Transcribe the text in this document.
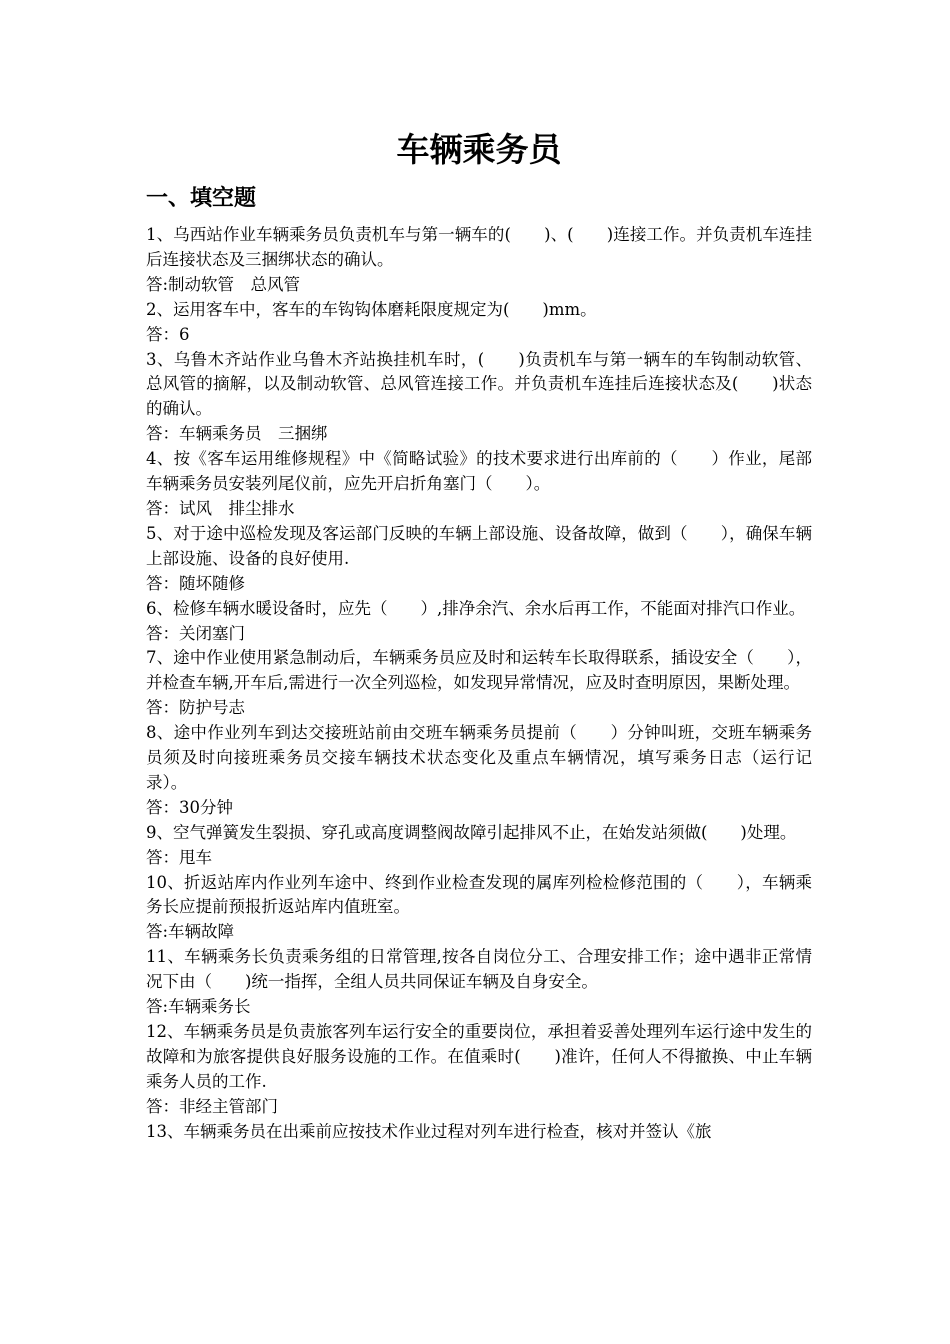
车辆乘务员
一、填空题

1、乌西站作业车辆乘务员负责机车与第一辆车的(　　)、(　　)连接工作。并负责机车连挂后连接状态及三捆绑状态的确认。

答:制动软管　总风管

2、运用客车中，客车的车钩钩体磨耗限度规定为(　　)mm。

答：6

3、乌鲁木齐站作业乌鲁木齐站换挂机车时，(　　)负责机车与第一辆车的车钩制动软管、总风管的摘解，以及制动软管、总风管连接工作。并负责机车连挂后连接状态及(　　)状态的确认。

答：车辆乘务员　三捆绑

4、按《客车运用维修规程》中《简略试验》的技术要求进行出库前的（　　）作业，尾部车辆乘务员安装列尾仪前，应先开启折角塞门（　　）。

答：试风　排尘排水

5、对于途中巡检发现及客运部门反映的车辆上部设施、设备故障，做到（　　），确保车辆上部设施、设备的良好使用.

答：随坏随修

6、检修车辆水暖设备时，应先（　　）,排净余汽、余水后再工作，不能面对排汽口作业。

答：关闭塞门

7、途中作业使用紧急制动后，车辆乘务员应及时和运转车长取得联系，插设安全（　　），并检查车辆,开车后,需进行一次全列巡检，如发现异常情况，应及时查明原因，果断处理。

答：防护号志

8、途中作业列车到达交接班站前由交班车辆乘务员提前（　　）分钟叫班，交班车辆乘务员须及时向接班乘务员交接车辆技术状态变化及重点车辆情况，填写乘务日志（运行记录）。

答：30分钟

9、空气弹簧发生裂损、穿孔或高度调整阀故障引起排风不止，在始发站须做(　　)处理。

答：甩车

10、折返站库内作业列车途中、终到作业检查发现的属库列检检修范围的（　　），车辆乘务长应提前预报折返站库内值班室。

答:车辆故障

11、车辆乘务长负责乘务组的日常管理,按各自岗位分工、合理安排工作；途中遇非正常情况下由（　　)统一指挥，全组人员共同保证车辆及自身安全。

答:车辆乘务长

12、车辆乘务员是负责旅客列车运行安全的重要岗位，承担着妥善处理列车运行途中发生的故障和为旅客提供良好服务设施的工作。在值乘时(　　)准许，任何人不得撤换、中止车辆乘务人员的工作.

答：非经主管部门

13、车辆乘务员在出乘前应按技术作业过程对列车进行检查，核对并签认《旅
